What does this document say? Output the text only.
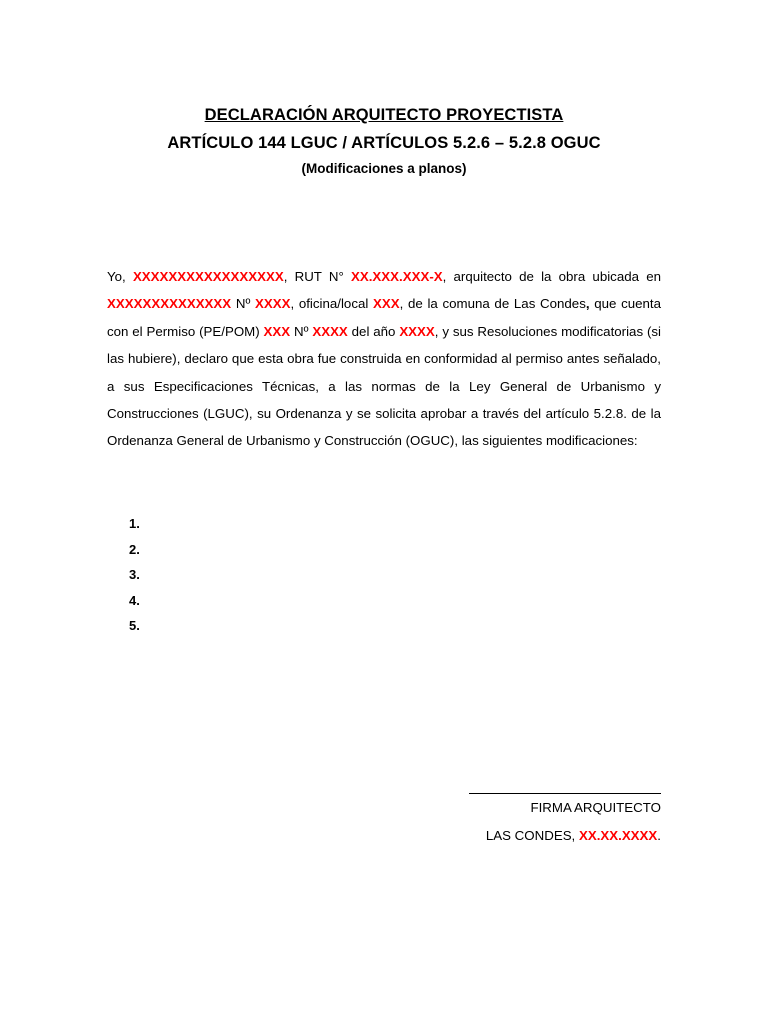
DECLARACIÓN ARQUITECTO PROYECTISTA
ARTÍCULO 144 LGUC / ARTÍCULOS 5.2.6 – 5.2.8 OGUC
(Modificaciones a planos)

Yo, XXXXXXXXXXXXXXXXX, RUT N° XX.XXX.XXX-X, arquitecto de la obra ubicada en XXXXXXXXXXXXXX Nº XXXX, oficina/local XXX, de la comuna de Las Condes, que cuenta con el Permiso (PE/POM) XXX Nº XXXX del año XXXX, y sus Resoluciones modificatorias (si las hubiere), declaro que esta obra fue construida en conformidad al permiso antes señalado, a sus Especificaciones Técnicas, a las normas de la Ley General de Urbanismo y Construcciones (LGUC), su Ordenanza y se solicita aprobar a través del artículo 5.2.8. de la Ordenanza General de Urbanismo y Construcción (OGUC), las siguientes modificaciones:

1.
2.
3.
4.
5.
FIRMA ARQUITECTO
LAS CONDES, XX.XX.XXXX.
